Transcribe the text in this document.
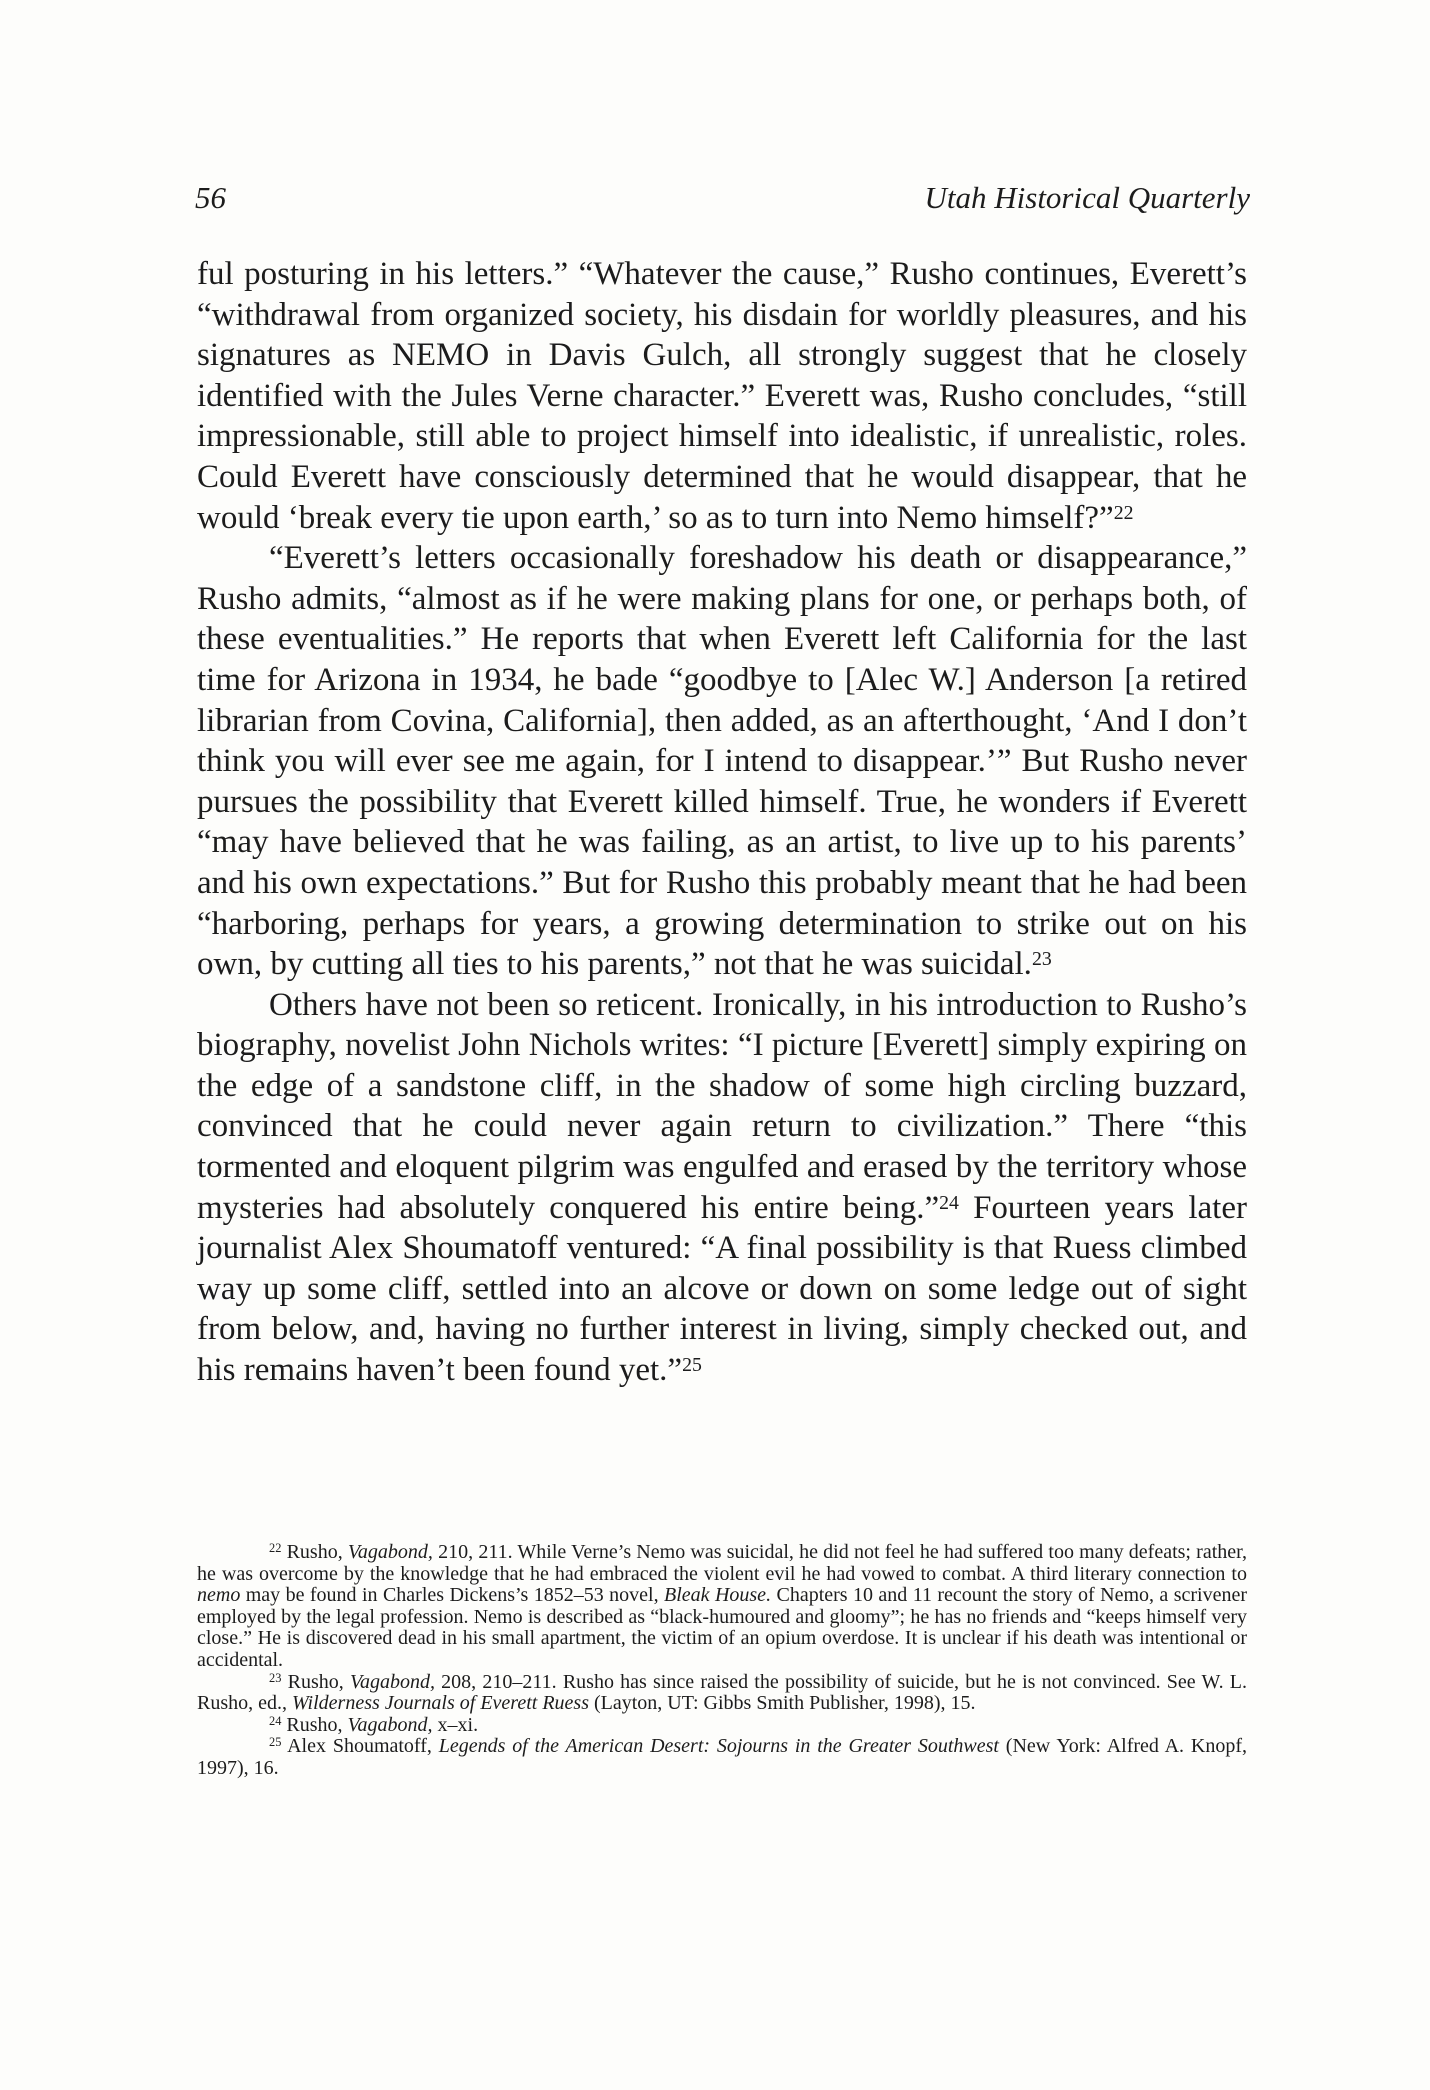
56	Utah Historical Quarterly

ful posturing in his letters.” “Whatever the cause,” Rusho continues, Everett’s “withdrawal from organized society, his disdain for worldly pleasures, and his signatures as NEMO in Davis Gulch, all strongly suggest that he closely identified with the Jules Verne character.” Everett was, Rusho concludes, “still impressionable, still able to project himself into idealistic, if unrealistic, roles. Could Everett have consciously determined that he would disappear, that he would ‘break every tie upon earth,’ so as to turn into Nemo himself?”$^{22}$

“Everett’s letters occasionally foreshadow his death or disappearance,” Rusho admits, “almost as if he were making plans for one, or perhaps both, of these eventualities.” He reports that when Everett left California for the last time for Arizona in 1934, he bade “goodbye to [Alec W.] Anderson [a retired librarian from Covina, California], then added, as an afterthought, ‘And I don’t think you will ever see me again, for I intend to disappear.’” But Rusho never pursues the possibility that Everett killed himself. True, he wonders if Everett “may have believed that he was failing, as an artist, to live up to his parents’ and his own expectations.” But for Rusho this probably meant that he had been “harboring, perhaps for years, a growing determination to strike out on his own, by cutting all ties to his parents,” not that he was suicidal.$^{23}$

Others have not been so reticent. Ironically, in his introduction to Rusho’s biography, novelist John Nichols writes: “I picture [Everett] simply expiring on the edge of a sandstone cliff, in the shadow of some high circling buzzard, convinced that he could never again return to civilization.” There “this tormented and eloquent pilgrim was engulfed and erased by the territory whose mysteries had absolutely conquered his entire being.”$^{24}$ Fourteen years later journalist Alex Shoumatoff ventured: “A final possibility is that Ruess climbed way up some cliff, settled into an alcove or down on some ledge out of sight from below, and, having no further interest in living, simply checked out, and his remains haven’t been found yet.”$^{25}$

$^{22}$ Rusho, Vagabond, 210, 211. While Verne’s Nemo was suicidal, he did not feel he had suffered too many defeats; rather, he was overcome by the knowledge that he had embraced the violent evil he had vowed to combat. A third literary connection to nemo may be found in Charles Dickens’s 1852–53 novel, Bleak House. Chapters 10 and 11 recount the story of Nemo, a scrivener employed by the legal profession. Nemo is described as “black-humoured and gloomy”; he has no friends and “keeps himself very close.” He is discovered dead in his small apartment, the victim of an opium overdose. It is unclear if his death was intentional or accidental.

$^{23}$ Rusho, Vagabond, 208, 210–211. Rusho has since raised the possibility of suicide, but he is not convinced. See W. L. Rusho, ed., Wilderness Journals of Everett Ruess (Layton, UT: Gibbs Smith Publisher, 1998), 15.

$^{24}$ Rusho, Vagabond, x–xi.

$^{25}$ Alex Shoumatoff, Legends of the American Desert: Sojourns in the Greater Southwest (New York: Alfred A. Knopf, 1997), 16.
